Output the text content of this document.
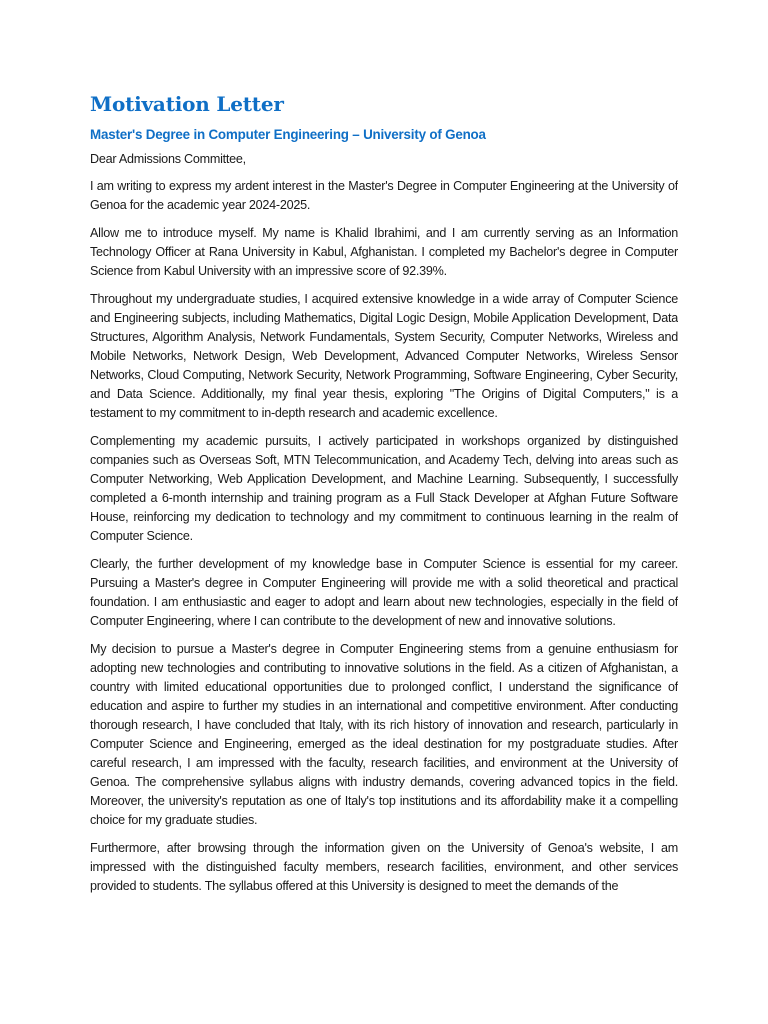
Motivation Letter
Master's Degree in Computer Engineering – University of Genoa

Dear Admissions Committee,

I am writing to express my ardent interest in the Master's Degree in Computer Engineering at the University of Genoa for the academic year 2024-2025.

Allow me to introduce myself. My name is Khalid Ibrahimi, and I am currently serving as an Information Technology Officer at Rana University in Kabul, Afghanistan. I completed my Bachelor's degree in Computer Science from Kabul University with an impressive score of 92.39%.

Throughout my undergraduate studies, I acquired extensive knowledge in a wide array of Computer Science and Engineering subjects, including Mathematics, Digital Logic Design, Mobile Application Development, Data Structures, Algorithm Analysis, Network Fundamentals, System Security, Computer Networks, Wireless and Mobile Networks, Network Design, Web Development, Advanced Computer Networks, Wireless Sensor Networks, Cloud Computing, Network Security, Network Programming, Software Engineering, Cyber Security, and Data Science. Additionally, my final year thesis, exploring "The Origins of Digital Computers," is a testament to my commitment to in-depth research and academic excellence.

Complementing my academic pursuits, I actively participated in workshops organized by distinguished companies such as Overseas Soft, MTN Telecommunication, and Academy Tech, delving into areas such as Computer Networking, Web Application Development, and Machine Learning. Subsequently, I successfully completed a 6-month internship and training program as a Full Stack Developer at Afghan Future Software House, reinforcing my dedication to technology and my commitment to continuous learning in the realm of Computer Science.

Clearly, the further development of my knowledge base in Computer Science is essential for my career. Pursuing a Master's degree in Computer Engineering will provide me with a solid theoretical and practical foundation. I am enthusiastic and eager to adopt and learn about new technologies, especially in the field of Computer Engineering, where I can contribute to the development of new and innovative solutions.

My decision to pursue a Master's degree in Computer Engineering stems from a genuine enthusiasm for adopting new technologies and contributing to innovative solutions in the field. As a citizen of Afghanistan, a country with limited educational opportunities due to prolonged conflict, I understand the significance of education and aspire to further my studies in an international and competitive environment. After conducting thorough research, I have concluded that Italy, with its rich history of innovation and research, particularly in Computer Science and Engineering, emerged as the ideal destination for my postgraduate studies. After careful research, I am impressed with the faculty, research facilities, and environment at the University of Genoa. The comprehensive syllabus aligns with industry demands, covering advanced topics in the field. Moreover, the university's reputation as one of Italy's top institutions and its affordability make it a compelling choice for my graduate studies.

Furthermore, after browsing through the information given on the University of Genoa's website, I am impressed with the distinguished faculty members, research facilities, environment, and other services provided to students. The syllabus offered at this University is designed to meet the demands of the
